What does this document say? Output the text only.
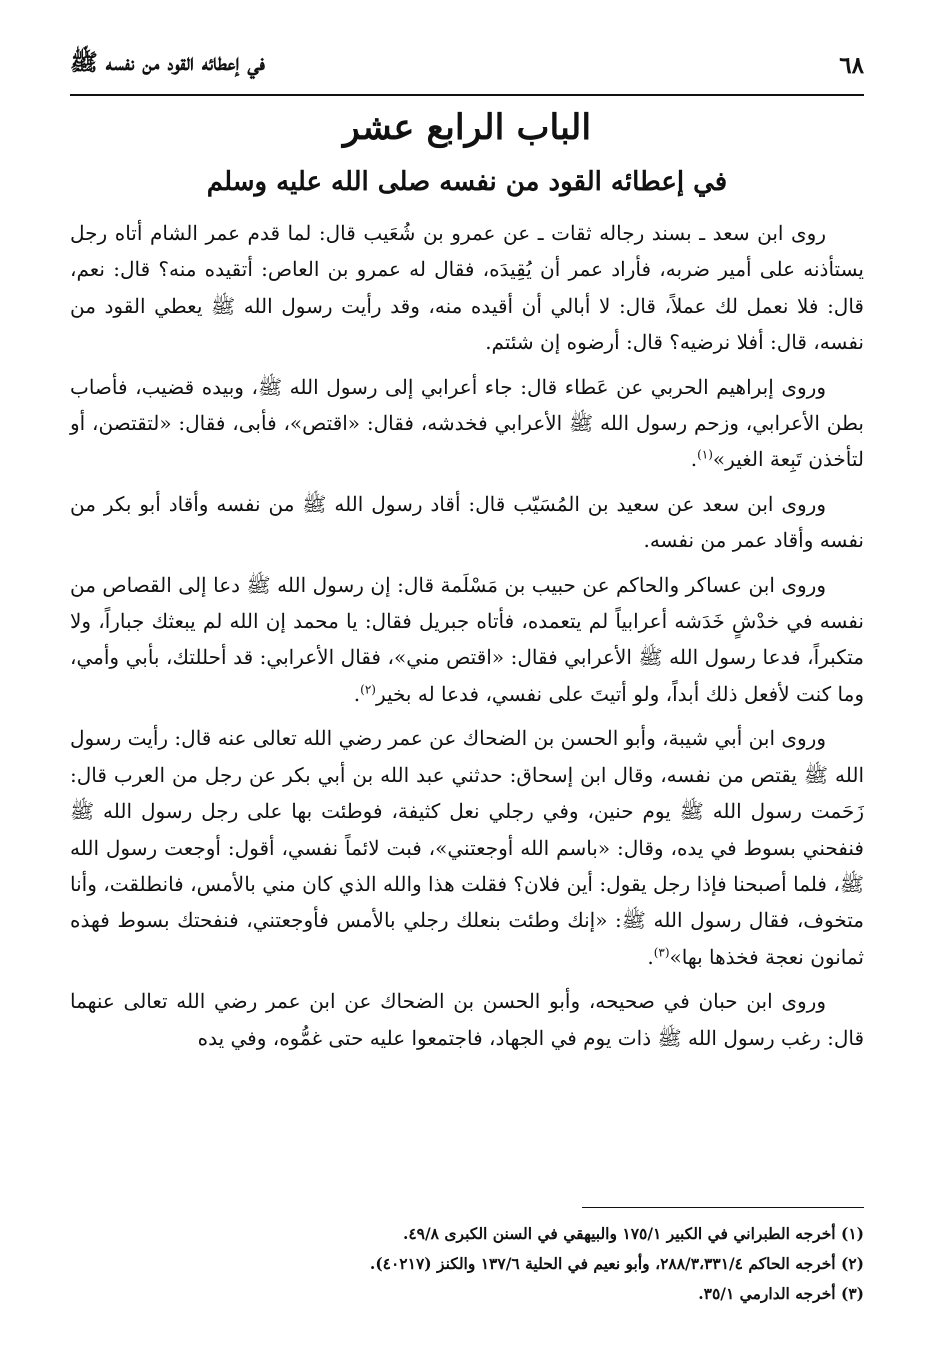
٦٨
في إعطائه القود من نفسه ﷺ
الباب الرابع عشر
في إعطائه القود من نفسه صلى الله عليه وسلم

روى ابن سعد ـ بسند رجاله ثقات ـ عن عمرو بن شُعَيب قال: لما قدم عمر الشام أتاه رجل يستأذنه على أمير ضربه، فأراد عمر أن يُقِيدَه، فقال له عمرو بن العاص: أتقيده منه؟ قال: نعم، قال: فلا نعمل لك عملاً، قال: لا أبالي أن أقيده منه، وقد رأيت رسول الله ﷺ يعطي القود من نفسه، قال: أفلا نرضيه؟ قال: أرضوه إن شئتم.

وروى إبراهيم الحربي عن عَطاء قال: جاء أعرابي إلى رسول الله ﷺ، وبيده قضيب، فأصاب بطن الأعرابي، وزحم رسول الله ﷺ الأعرابي فخدشه، فقال: «اقتص»، فأبى، فقال: «لتقتصن، أو لتأخذن تَبِعة الغير»$^{(١)}$.

وروى ابن سعد عن سعيد بن المُسَيّب قال: أقاد رسول الله ﷺ من نفسه وأقاد أبو بكر من نفسه وأقاد عمر من نفسه.

وروى ابن عساكر والحاكم عن حبيب بن مَسْلَمة قال: إن رسول الله ﷺ دعا إلى القصاص من نفسه في خدْشٍ خَدَشه أعرابياً لم يتعمده، فأتاه جبريل فقال: يا محمد إن الله لم يبعثك جباراً، ولا متكبراً، فدعا رسول الله ﷺ الأعرابي فقال: «اقتص مني»، فقال الأعرابي: قد أحللتك، بأبي وأمي، وما كنت لأفعل ذلك أبداً، ولو أتيتَ على نفسي، فدعا له بخير$^{(٢)}$.

وروى ابن أبي شيبة، وأبو الحسن بن الضحاك عن عمر رضي الله تعالى عنه قال: رأيت رسول الله ﷺ يقتص من نفسه، وقال ابن إسحاق: حدثني عبد الله بن أبي بكر عن رجل من العرب قال: زَحَمت رسول الله ﷺ يوم حنين، وفي رجلي نعل كثيفة، فوطئت بها على رجل رسول الله ﷺ فنفحني بسوط في يده، وقال: «باسم الله أوجعتني»، فبت لائماً نفسي، أقول: أوجعت رسول الله ﷺ، فلما أصبحنا فإذا رجل يقول: أين فلان؟ فقلت هذا والله الذي كان مني بالأمس، فانطلقت، وأنا متخوف، فقال رسول الله ﷺ: «إنك وطئت بنعلك رجلي بالأمس فأوجعتني، فنفحتك بسوط فهذه ثمانون نعجة فخذها بها»$^{(٣)}$.

وروى ابن حبان في صحيحه، وأبو الحسن بن الضحاك عن ابن عمر رضي الله تعالى عنهما قال: رغب رسول الله ﷺ ذات يوم في الجهاد، فاجتمعوا عليه حتى غمُّوه، وفي يده

(١) أخرجه الطبراني في الكبير ١٧٥/١ والبيهقي في السنن الكبرى ٤٩/٨.

(٢) أخرجه الحاكم ٢٨٨/٣،٣٣١/٤، وأبو نعيم في الحلية ١٣٧/٦ والكنز (٤٠٢١٧).

(٣) أخرجه الدارمي ٣٥/١.
